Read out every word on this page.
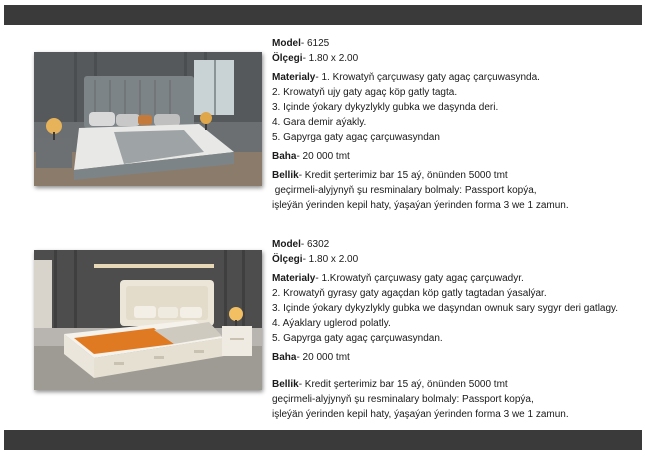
Model- 6125
Ölçegi- 1.80 x 2.00
Materialy- 1. Krowatyň çarçuwasy gaty agaç çarçuwasynda.
2. Krowatyň ujy gaty agaç köp gatly tagta.
3. Içinde ýokary dykyzlykly gubka we daşynda deri.
4. Gara demir aýakly.
5. Gapyrga gaty agaç çarçuwasyndan
Baha- 20 000 tmt
Bellik- Kredit şerterimiz bar 15 aý, önünden 5000 tmt
geçirmeli-alyjynyň şu resminalary bolmaly: Passport kopýa,
işleýän ýerinden kepil haty, ýaşaýan ýerinden forma 3 we 1 zamun.
Model- 6302
Ölçegi- 1.80 x 2.00
Materialy- 1.Krowatyň çarçuwasy gaty agaç çarçuwadyr.
2. Krowatyň gyrasy gaty agaçdan köp gatly tagtadan ýasalýar.
3. Içinde ýokary dykyzlykly gubka we daşyndan ownuk sary sygyr deri gatlagy.
4. Aýaklary uglerod polatly.
5. Gapyrga gaty agaç çarçuwasyndan.
Baha- 20 000 tmt
Bellik- Kredit şerterimiz bar 15 aý, önünden 5000 tmt
geçirmeli-alyjynyň şu resminalary bolmaly: Passport kopýa,
işleýän ýerinden kepil haty, ýaşaýan ýerinden forma 3 we 1 zamun.
